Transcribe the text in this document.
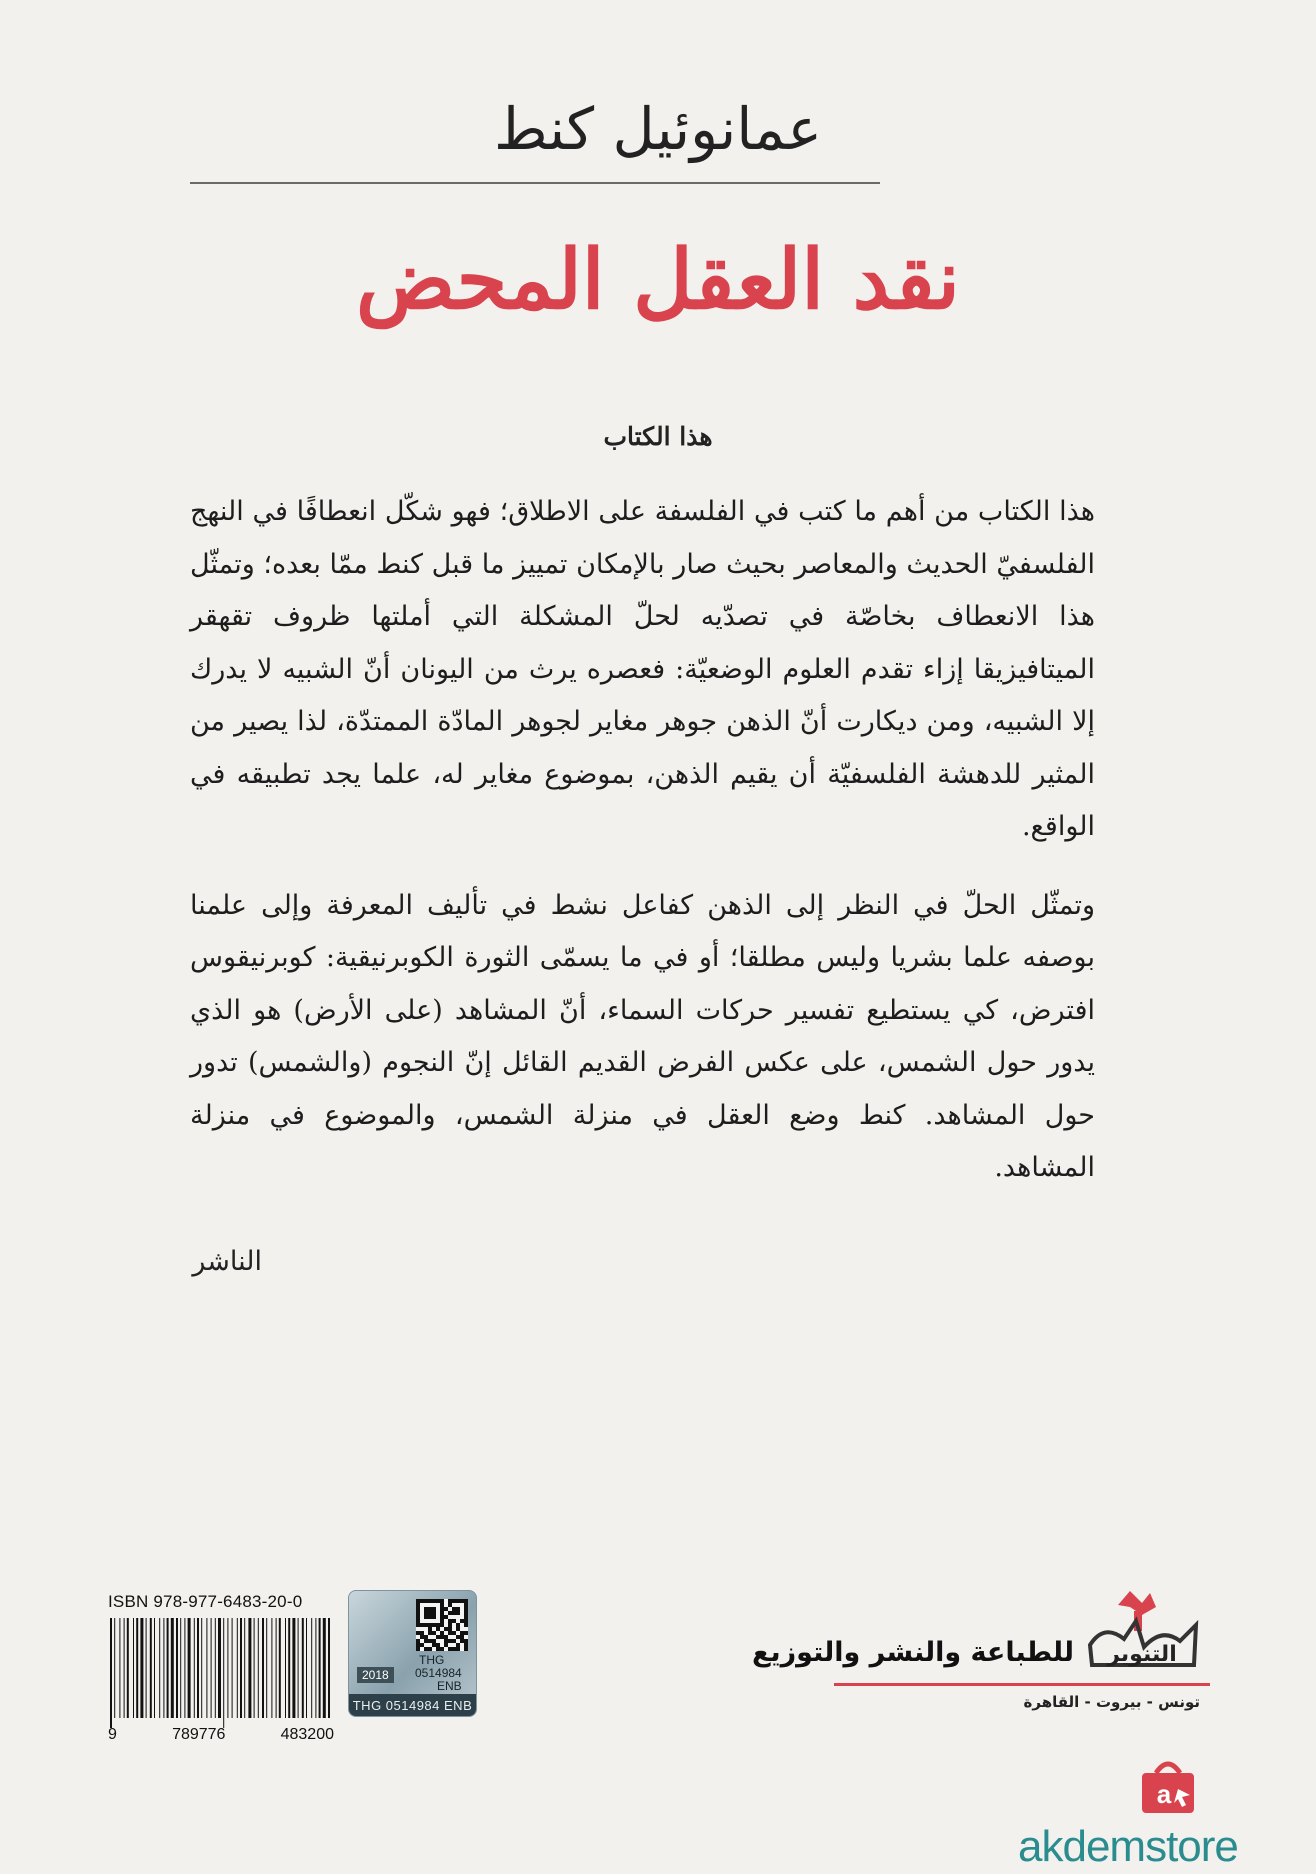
عمانوئيل كنط
نقد العقل المحض
هذا الكتاب

هذا الكتاب من أهم ما كتب في الفلسفة على الاطلاق؛ فهو شكّل انعطافًا في النهج الفلسفيّ الحديث والمعاصر بحيث صار بالإمكان تمييز ما قبل كنط ممّا بعده؛ وتمثّل هذا الانعطاف بخاصّة في تصدّيه لحلّ المشكلة التي أملتها ظروف تقهقر الميتافيزيقا إزاء تقدم العلوم الوضعيّة: فعصره يرث من اليونان أنّ الشبيه لا يدرك إلا الشبيه، ومن ديكارت أنّ الذهن جوهر مغاير لجوهر المادّة الممتدّة، لذا يصير من المثير للدهشة الفلسفيّة أن يقيم الذهن، بموضوع مغاير له، علما يجد تطبيقه في الواقع.

وتمثّل الحلّ في النظر إلى الذهن كفاعل نشط في تأليف المعرفة وإلى علمنا بوصفه علما بشريا وليس مطلقا؛ أو في ما يسمّى الثورة الكوبرنيقية: كوبرنيقوس افترض، كي يستطيع تفسير حركات السماء، أنّ المشاهد (على الأرض) هو الذي يدور حول الشمس، على عكس الفرض القديم القائل إنّ النجوم (والشمس) تدور حول المشاهد. كنط وضع العقل في منزلة الشمس، والموضوع في منزلة المشاهد.

الناشر
ISBN 978-977-6483-20-0
9	789776	483200
THG
0514984
ENB
2018
THG 0514984 ENB
التنوير
للطباعة والنشر والتوزيع
تونس - بيروت - القاهرة
a
akdemstore
